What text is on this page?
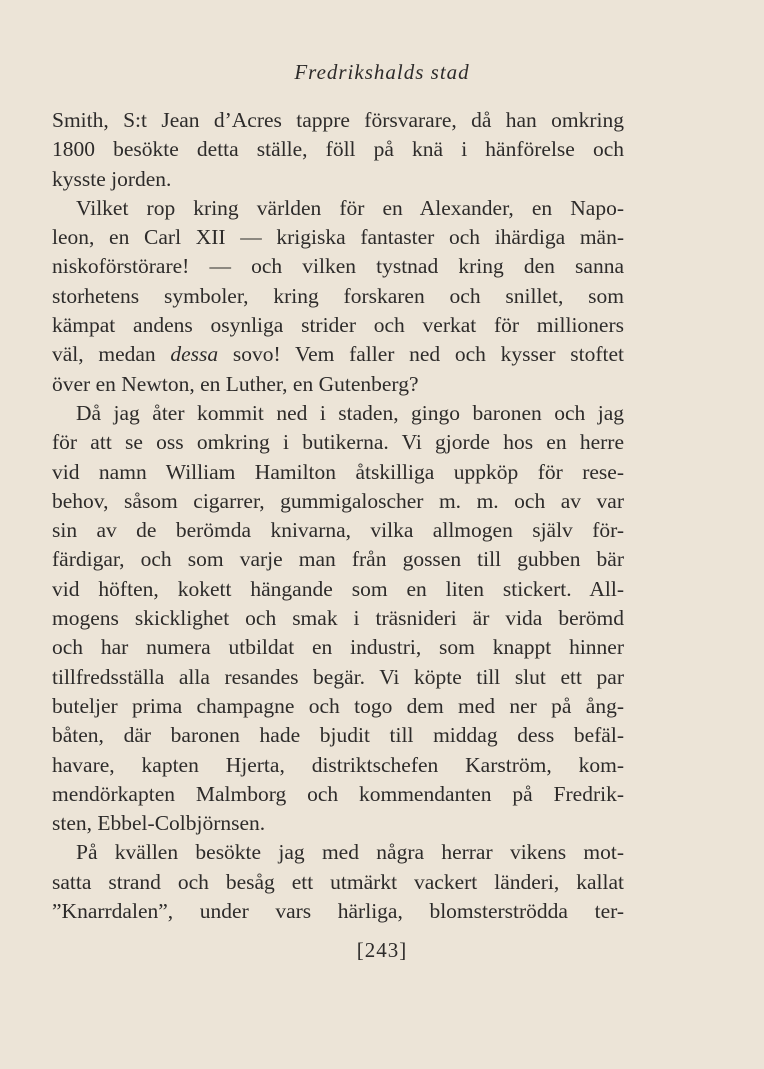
Fredrikshalds stad

Smith, S:t Jean d’Acres tappre försvarare, då han omkring

1800 besökte detta ställe, föll på knä i hänförelse och

kysste jorden.

Vilket rop kring världen för en Alexander, en Napo-

leon, en Carl XII — krigiska fantaster och ihärdiga män-

niskoförstörare! — och vilken tystnad kring den sanna

storhetens symboler, kring forskaren och snillet, som

kämpat andens osynliga strider och verkat för millioners

väl, medan dessa sovo! Vem faller ned och kysser stoftet

över en Newton, en Luther, en Gutenberg?

Då jag åter kommit ned i staden, gingo baronen och jag

för att se oss omkring i butikerna. Vi gjorde hos en herre

vid namn William Hamilton åtskilliga uppköp för rese-

behov, såsom cigarrer, gummigaloscher m. m. och av var

sin av de berömda knivarna, vilka allmogen själv för-

färdigar, och som varje man från gossen till gubben bär

vid höften, kokett hängande som en liten stickert. All-

mogens skicklighet och smak i träsnideri är vida berömd

och har numera utbildat en industri, som knappt hinner

tillfredsställa alla resandes begär. Vi köpte till slut ett par

buteljer prima champagne och togo dem med ner på ång-

båten, där baronen hade bjudit till middag dess befäl-

havare, kapten Hjerta, distriktschefen Karström, kom-

mendörkapten Malmborg och kommendanten på Fredrik-

sten, Ebbel-Colbjörnsen.

På kvällen besökte jag med några herrar vikens mot-

satta strand och besåg ett utmärkt vackert länderi, kallat

”Knarrdalen”, under vars härliga, blomsterströdda ter-

[243]
